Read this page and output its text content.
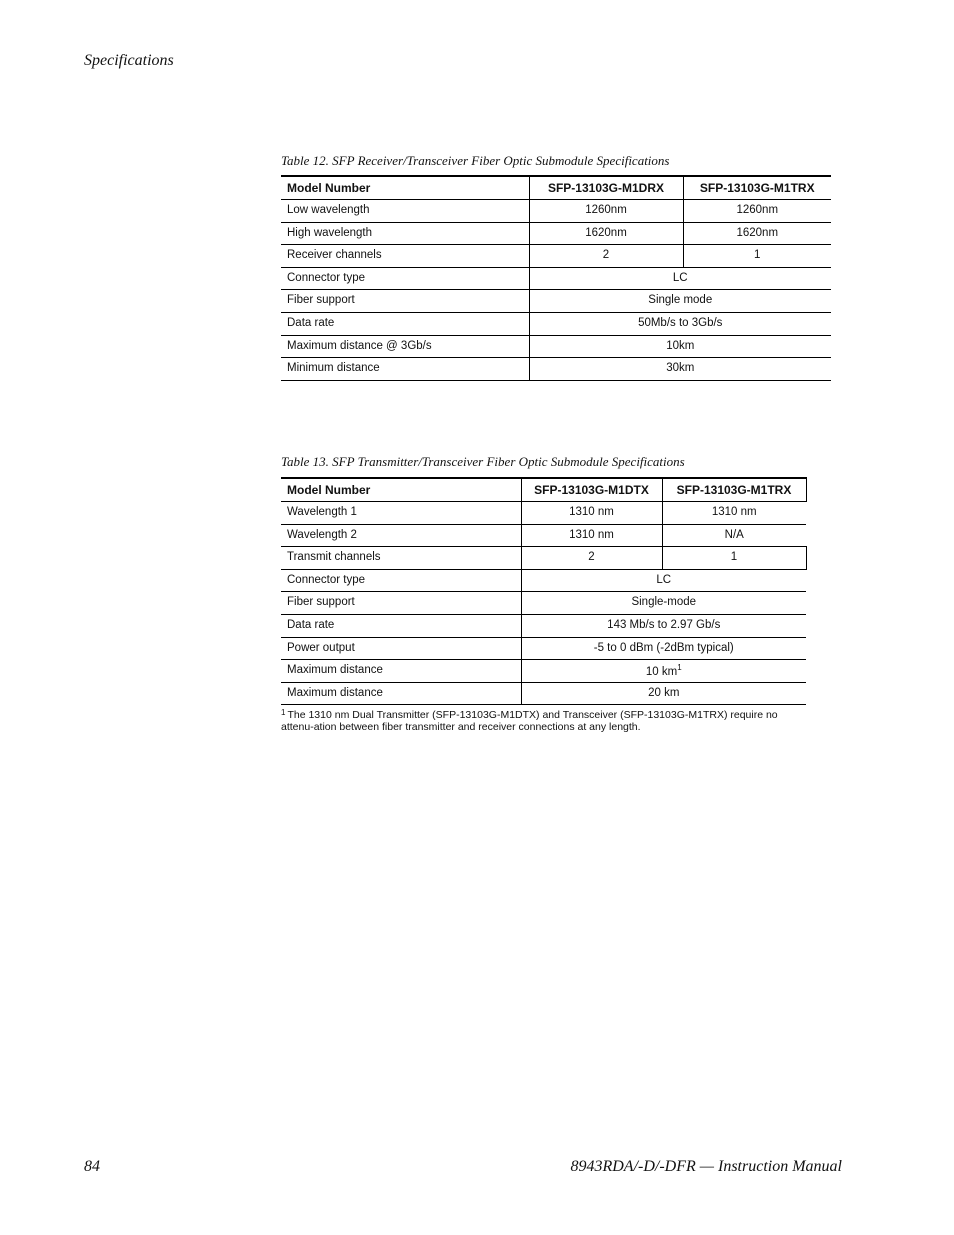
Specifications
Table 12. SFP Receiver/Transceiver Fiber Optic Submodule Specifications
Model Number	SFP-13103G-M1DRX	SFP-13103G-M1TRX
Low wavelength	1260nm	1260nm
High wavelength	1620nm	1620nm
Receiver channels	2	1
Connector type	LC	
Fiber support	Single mode	
Data rate	50Mb/s to 3Gb/s	
Maximum distance @ 3Gb/s	10km	
Minimum distance	30km	
Table 13. SFP Transmitter/Transceiver Fiber Optic Submodule Specifications
Model Number	SFP-13103G-M1DTX	SFP-13103G-M1TRX
Wavelength 1	1310 nm	1310 nm
Wavelength 2	1310 nm	N/A
Transmit channels	2	1
Connector type	LC	
Fiber support	Single-mode	
Data rate	143 Mb/s to 2.97 Gb/s	
Power output	-5 to 0 dBm (-2dBm typical)	
Maximum distance	10 $km^1$
Maximum distance	20 km	
$^1$ The 1310 nm Dual Transmitter (SFP-13103G-M1DTX) and Transceiver (SFP-13103G-M1TRX) require no attenu-ation between fiber transmitter and receiver connections at any length.
84	8943RDA/-D/-DFR — Instruction Manual
